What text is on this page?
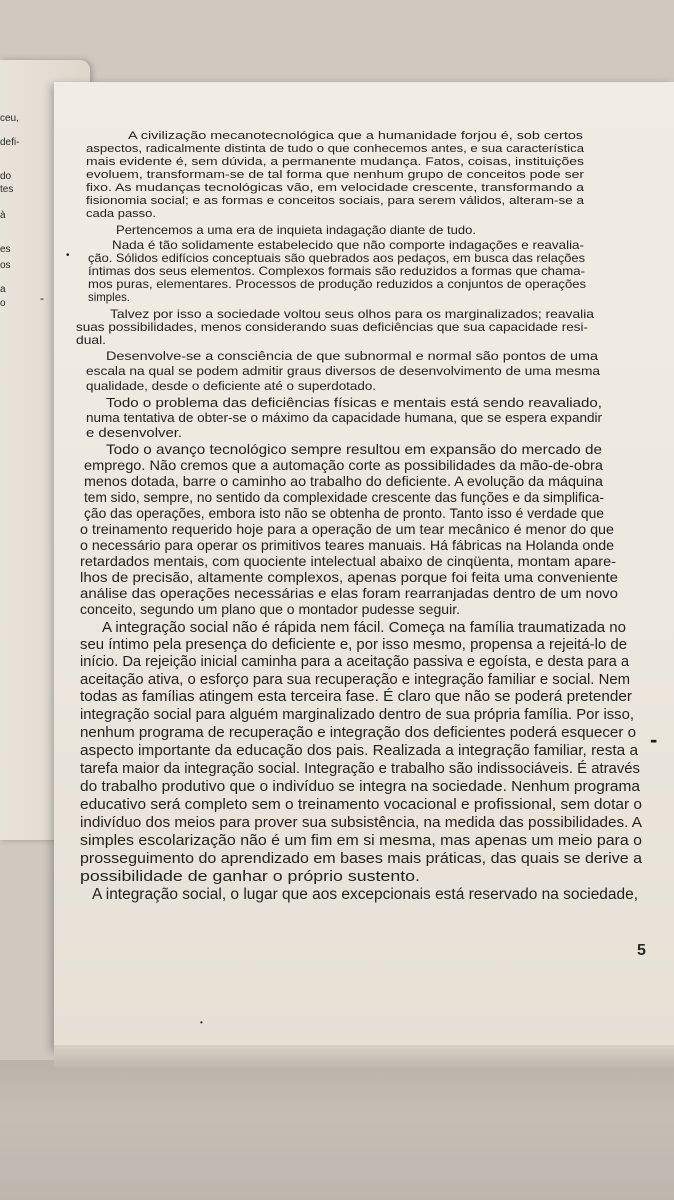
ceu,
defi-
do
tes
à
es
os
a
o
•
-
-
•
A civilização mecanotecnológica que a humanidade forjou é, sob certos
aspectos, radicalmente distinta de tudo o que conhecemos antes, e sua característica
mais evidente é, sem dúvida, a permanente mudança. Fatos, coisas, instituições
evoluem, transformam-se de tal forma que nenhum grupo de conceitos pode ser
fixo. As mudanças tecnológicas vão, em velocidade crescente, transformando a
fisionomia social; e as formas e conceitos sociais, para serem válidos, alteram-se a
cada passo.
Pertencemos a uma era de inquieta indagação diante de tudo.
Nada é tão solidamente estabelecido que não comporte indagações e reavalia-
ção. Sólidos edifícios conceptuais são quebrados aos pedaços, em busca das relações
íntimas dos seus elementos. Complexos formais são reduzidos a formas que chama-
mos puras, elementares. Processos de produção reduzidos a conjuntos de operações
simples.
Talvez por isso a sociedade voltou seus olhos para os marginalizados; reavalia
suas possibilidades, menos considerando suas deficiências que sua capacidade resi-
dual.
Desenvolve-se a consciência de que subnormal e normal são pontos de uma
escala na qual se podem admitir graus diversos de desenvolvimento de uma mesma
qualidade, desde o deficiente até o superdotado.
Todo o problema das deficiências físicas e mentais está sendo reavaliado,
numa tentativa de obter-se o máximo da capacidade humana, que se espera expandir
e desenvolver.
Todo o avanço tecnológico sempre resultou em expansão do mercado de
emprego. Não cremos que a automação corte as possibilidades da mão-de-obra
menos dotada, barre o caminho ao trabalho do deficiente. A evolução da máquina
tem sido, sempre, no sentido da complexidade crescente das funções e da simplifica-
ção das operações, embora isto não se obtenha de pronto. Tanto isso é verdade que
o treinamento requerido hoje para a operação de um tear mecânico é menor do que
o necessário para operar os primitivos teares manuais. Há fábricas na Holanda onde
retardados mentais, com quociente intelectual abaixo de cinqüenta, montam apare-
lhos de precisão, altamente complexos, apenas porque foi feita uma conveniente
análise das operações necessárias e elas foram rearranjadas dentro de um novo
conceito, segundo um plano que o montador pudesse seguir.
A integração social não é rápida nem fácil. Começa na família traumatizada no
seu íntimo pela presença do deficiente e, por isso mesmo, propensa a rejeitá-lo de
início. Da rejeição inicial caminha para a aceitação passiva e egoísta, e desta para a
aceitação ativa, o esforço para sua recuperação e integração familiar e social. Nem
todas as famílias atingem esta terceira fase. É claro que não se poderá pretender
integração social para alguém marginalizado dentro de sua própria família. Por isso,
nenhum programa de recuperação e integração dos deficientes poderá esquecer o
aspecto importante da educação dos pais. Realizada a integração familiar, resta a
tarefa maior da integração social. Integração e trabalho são indissociáveis. É através
do trabalho produtivo que o indivíduo se integra na sociedade. Nenhum programa
educativo será completo sem o treinamento vocacional e profissional, sem dotar o
indivíduo dos meios para prover sua subsistência, na medida das possibilidades. A
simples escolarização não é um fim em si mesma, mas apenas um meio para o
prosseguimento do aprendizado em bases mais práticas, das quais se derive a
possibilidade de ganhar o próprio sustento.
A integração social, o lugar que aos excepcionais está reservado na sociedade,
5
